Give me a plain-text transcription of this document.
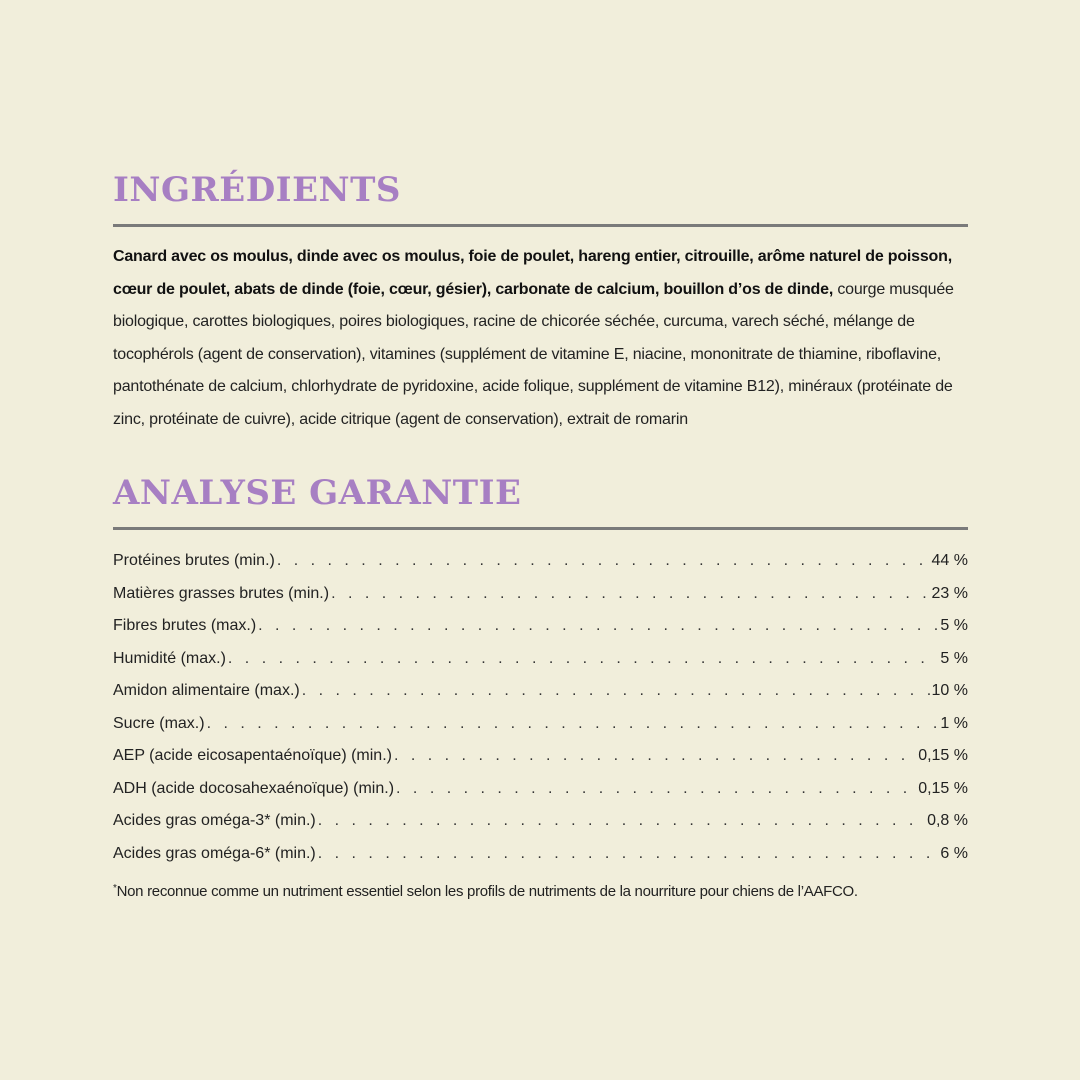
INGRÉDIENTS

Canard avec os moulus, dinde avec os moulus, foie de poulet, hareng entier, citrouille, arôme naturel de poisson, cœur de poulet, abats de dinde (foie, cœur, gésier), carbonate de calcium, bouillon d’os de dinde, courge musquée biologique, carottes biologiques, poires biologiques, racine de chicorée séchée, curcuma, varech séché, mélange de tocophérols (agent de conservation), vitamines (supplément de vitamine E, niacine, mononitrate de thiamine, riboflavine, pantothénate de calcium, chlorhydrate de pyridoxine, acide folique, supplément de vitamine B12), minéraux (protéinate de zinc, protéinate de cuivre), acide citrique (agent de conservation), extrait de romarin

ANALYSE GARANTIE
Protéines brutes (min.) . . .	44 %
Matières grasses brutes (min.) . . .	23 %
Fibres brutes (max.) . . .	5 %
Humidité (max.) . . .	5 %
Amidon alimentaire (max.) . . .	10 %
Sucre (max.) . . .	1 %
AEP (acide eicosapentaénoïque) (min.) . . .	0,15 %
ADH (acide docosahexaénoïque) (min.) . . .	0,15 %
Acides gras oméga-3* (min.) . . .	0,8 %
Acides gras oméga-6* (min.) . . .	6 %
*Non reconnue comme un nutriment essentiel selon les profils de nutriments de la nourriture pour chiens de l’AAFCO.
